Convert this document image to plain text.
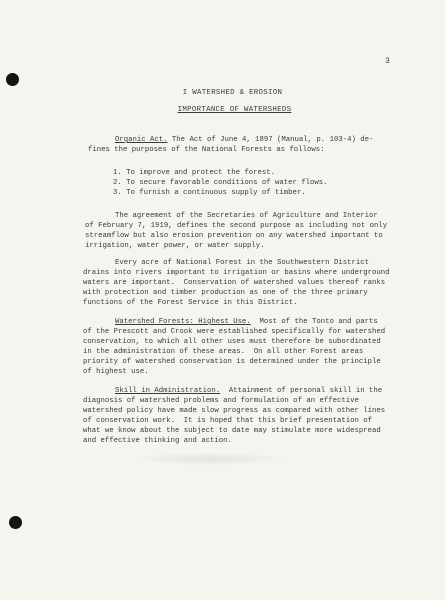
3
I WATERSHED & EROSION
IMPORTANCE OF WATERSHEDS
Organic Act. The Act of June 4, 1897 (Manual, p. 103-4) de-
fines the purposes of the National Forests as follows:
1. To improve and protect the forest.
2. To secure favorable conditions of water flows.
3. To furnish a continuous supply of timber.
The agreement of the Secretaries of Agriculture and Interior
of February 7, 1919, defines the second purpose as including not only
streamflow but also erosion prevention on any watershed important to
irrigation, water power, or water supply.
Every acre of National Forest in the Southwestern District
drains into rivers important to irrigation or basins where underground
waters are important.  Conservation of watershed values thereof ranks
with protection and timber production as one of the three primary
functions of the Forest Service in this District.
Watershed Forests: Highest Use.  Most of the Tonto and parts
of the Prescott and Crook were established specifically for watershed
conservation, to which all other uses must therefore be subordinated
in the administration of these areas.  On all other Forest areas
priority of watershed conservation is determined under the principle
of highest use.
Skill in Administration.  Attainment of personal skill in the
diagnosis of watershed problems and formulation of an effective
watershed policy have made slow progress as compared with other lines
of conservation work.  It is hoped that this brief presentation of
what we know about the subject to date may stimulate more widespread
and effective thinking and action.
